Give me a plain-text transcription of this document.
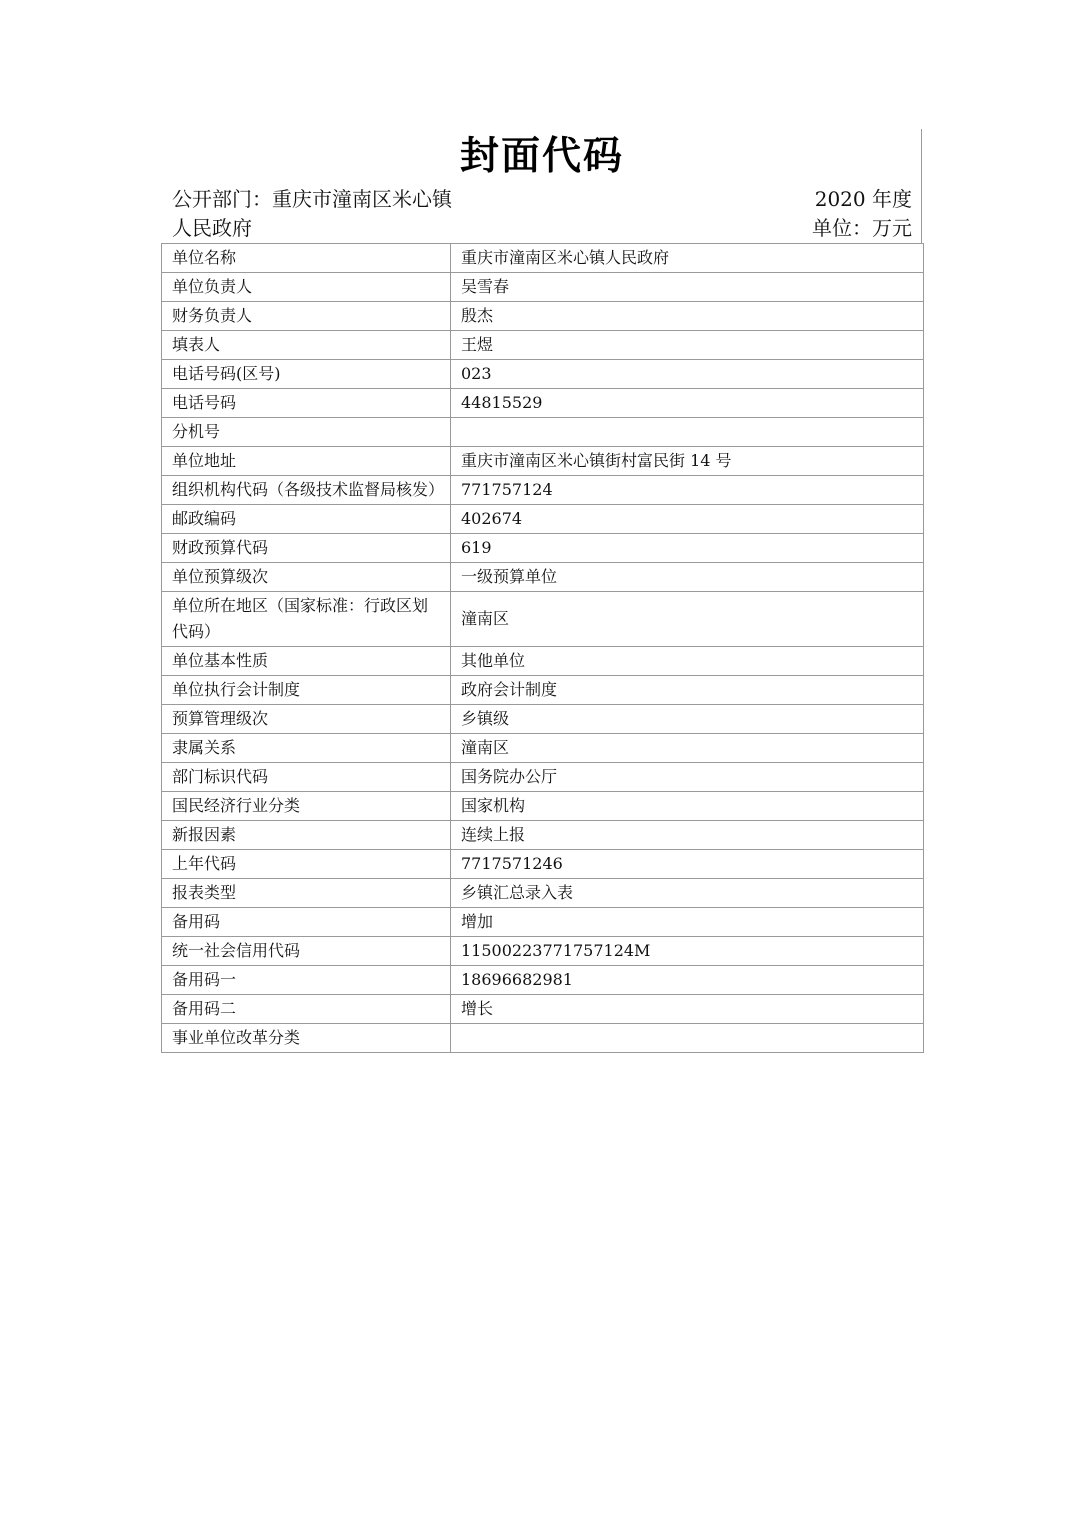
封面代码
公开部门：重庆市潼南区米心镇人民政府
2020 年度
单位：万元
单位名称	重庆市潼南区米心镇人民政府
单位负责人	吴雪春
财务负责人	殷杰
填表人	王煜
电话号码(区号)	023
电话号码	44815529
分机号	
单位地址	重庆市潼南区米心镇街村富民街 14 号
组织机构代码（各级技术监督局核发）	771757124
邮政编码	402674
财政预算代码	619
单位预算级次	一级预算单位
单位所在地区（国家标准：行政区划代码）	潼南区
单位基本性质	其他单位
单位执行会计制度	政府会计制度
预算管理级次	乡镇级
隶属关系	潼南区
部门标识代码	国务院办公厅
国民经济行业分类	国家机构
新报因素	连续上报
上年代码	7717571246
报表类型	乡镇汇总录入表
备用码	增加
统一社会信用代码	11500223771757124M
备用码一	18696682981
备用码二	增长
事业单位改革分类	
